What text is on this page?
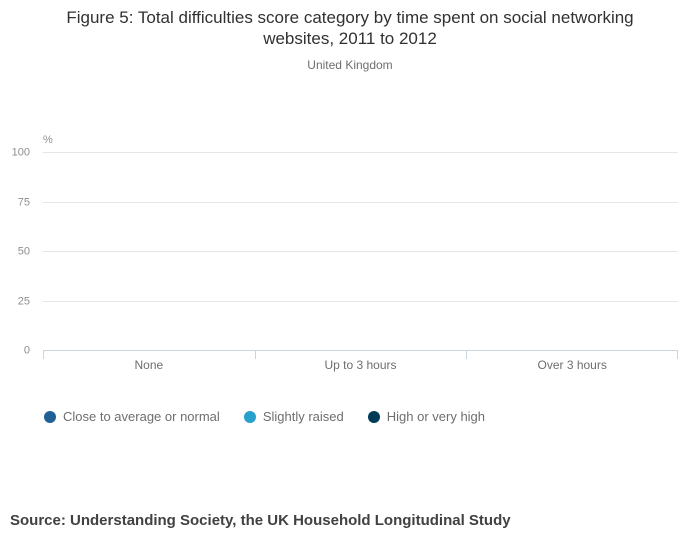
Figure 5: Total difficulties score category by time spent on social networking websites, 2011 to 2012
United Kingdom
%
0
25
50
75
100
None	Up to 3 hours	Over 3 hours
Close to average or normal	Slightly raised	High or very high
Source: Understanding Society, the UK Household Longitudinal Study
